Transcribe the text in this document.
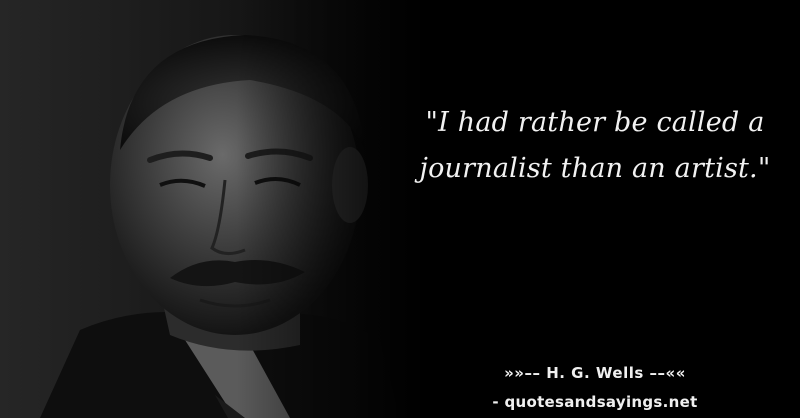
"I had rather be called a journalist than an artist."

»»–– H. G. Wells ––««
- quotesandsayings.net
